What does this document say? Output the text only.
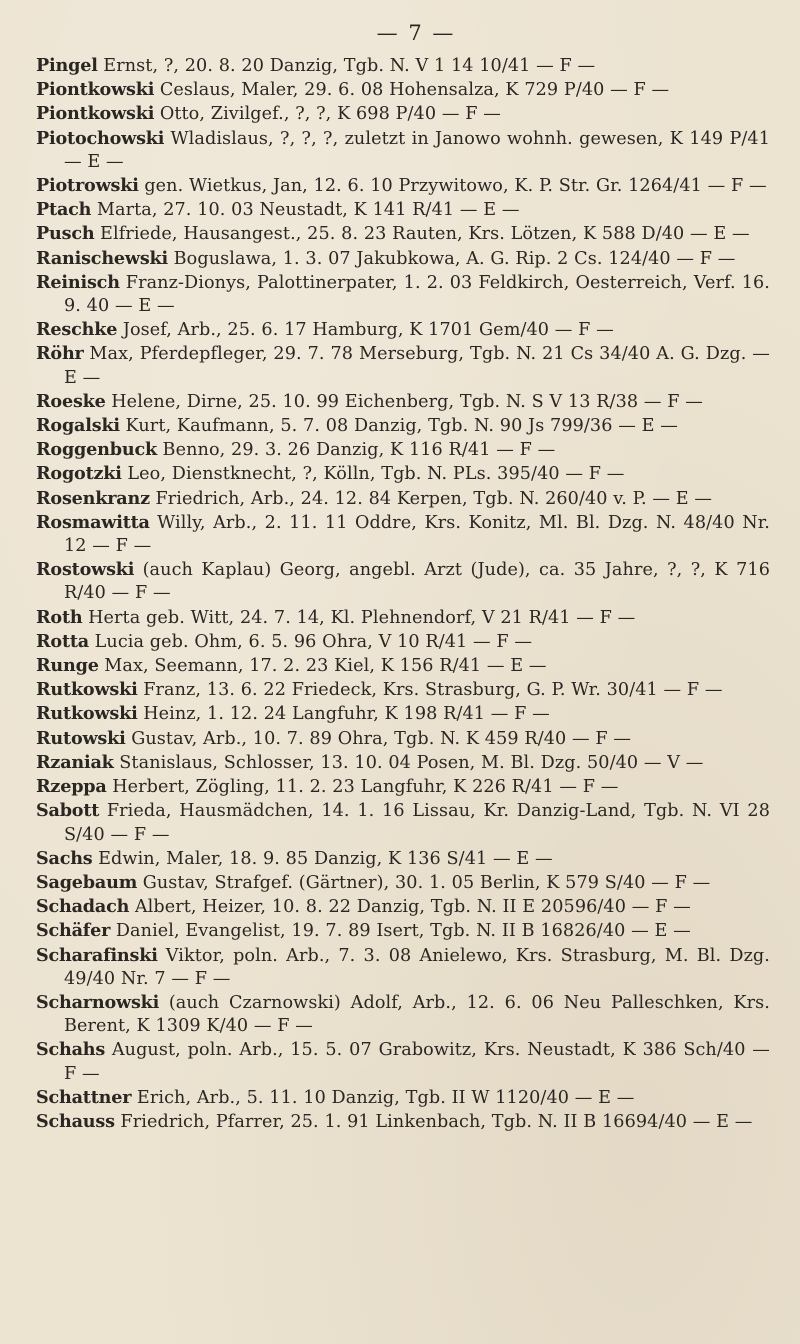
— 7 —

Pingel Ernst, ?, 20. 8. 20 Danzig, Tgb. N. V 1 14 10/41 — F —

Piontkowski Ceslaus, Maler, 29. 6. 08 Hohensalza, K 729 P/40 — F —

Piontkowski Otto, Zivilgef., ?, ?, K 698 P/40 — F —

Piotochowski Wladislaus, ?, ?, ?, zuletzt in Janowo wohnh. gewesen, K 149 P/41 — E —

Piotrowski gen. Wietkus, Jan, 12. 6. 10 Przywitowo, K. P. Str. Gr. 1264/41 — F —

Ptach Marta, 27. 10. 03 Neustadt, K 141 R/41 — E —

Pusch Elfriede, Hausangest., 25. 8. 23 Rauten, Krs. Lötzen, K 588 D/40 — E —

Ranischewski Boguslawa, 1. 3. 07 Jakubkowa, A. G. Rip. 2 Cs. 124/40 — F —

Reinisch Franz-Dionys, Palottinerpater, 1. 2. 03 Feldkirch, Oesterreich, Verf. 16. 9. 40 — E —

Reschke Josef, Arb., 25. 6. 17 Hamburg, K 1701 Gem/40 — F —

Röhr Max, Pferdepfleger, 29. 7. 78 Merseburg, Tgb. N. 21 Cs 34/40 A. G. Dzg. — E —

Roeske Helene, Dirne, 25. 10. 99 Eichenberg, Tgb. N. S V 13 R/38 — F —

Rogalski Kurt, Kaufmann, 5. 7. 08 Danzig, Tgb. N. 90 Js 799/36 — E —

Roggenbuck Benno, 29. 3. 26 Danzig, K 116 R/41 — F —

Rogotzki Leo, Dienstknecht, ?, Kölln, Tgb. N. PLs. 395/40 — F —

Rosenkranz Friedrich, Arb., 24. 12. 84 Kerpen, Tgb. N. 260/40 v. P. — E —

Rosmawitta Willy, Arb., 2. 11. 11 Oddre, Krs. Konitz, Ml. Bl. Dzg. N. 48/40 Nr. 12 — F —

Rostowski (auch Kaplau) Georg, angebl. Arzt (Jude), ca. 35 Jahre, ?, ?, K 716 R/40 — F —

Roth Herta geb. Witt, 24. 7. 14, Kl. Plehnendorf, V 21 R/41 — F —

Rotta Lucia geb. Ohm, 6. 5. 96 Ohra, V 10 R/41 — F —

Runge Max, Seemann, 17. 2. 23 Kiel, K 156 R/41 — E —

Rutkowski Franz, 13. 6. 22 Friedeck, Krs. Strasburg, G. P. Wr. 30/41 — F —

Rutkowski Heinz, 1. 12. 24 Langfuhr, K 198 R/41 — F —

Rutowski Gustav, Arb., 10. 7. 89 Ohra, Tgb. N. K 459 R/40 — F —

Rzaniak Stanislaus, Schlosser, 13. 10. 04 Posen, M. Bl. Dzg. 50/40 — V —

Rzeppa Herbert, Zögling, 11. 2. 23 Langfuhr, K 226 R/41 — F —

Sabott Frieda, Hausmädchen, 14. 1. 16 Lissau, Kr. Danzig-Land, Tgb. N. VI 28 S/40 — F —

Sachs Edwin, Maler, 18. 9. 85 Danzig, K 136 S/41 — E —

Sagebaum Gustav, Strafgef. (Gärtner), 30. 1. 05 Berlin, K 579 S/40 — F —

Schadach Albert, Heizer, 10. 8. 22 Danzig, Tgb. N. II E 20596/40 — F —

Schäfer Daniel, Evangelist, 19. 7. 89 Isert, Tgb. N. II B 16826/40 — E —

Scharafinski Viktor, poln. Arb., 7. 3. 08 Anielewo, Krs. Strasburg, M. Bl. Dzg. 49/40 Nr. 7 — F —

Scharnowski (auch Czarnowski) Adolf, Arb., 12. 6. 06 Neu Palleschken, Krs. Berent, K 1309 K/40 — F —

Schahs August, poln. Arb., 15. 5. 07 Grabowitz, Krs. Neustadt, K 386 Sch/40 — F —

Schattner Erich, Arb., 5. 11. 10 Danzig, Tgb. II W 1120/40 — E —

Schauss Friedrich, Pfarrer, 25. 1. 91 Linkenbach, Tgb. N. II B 16694/40 — E —
